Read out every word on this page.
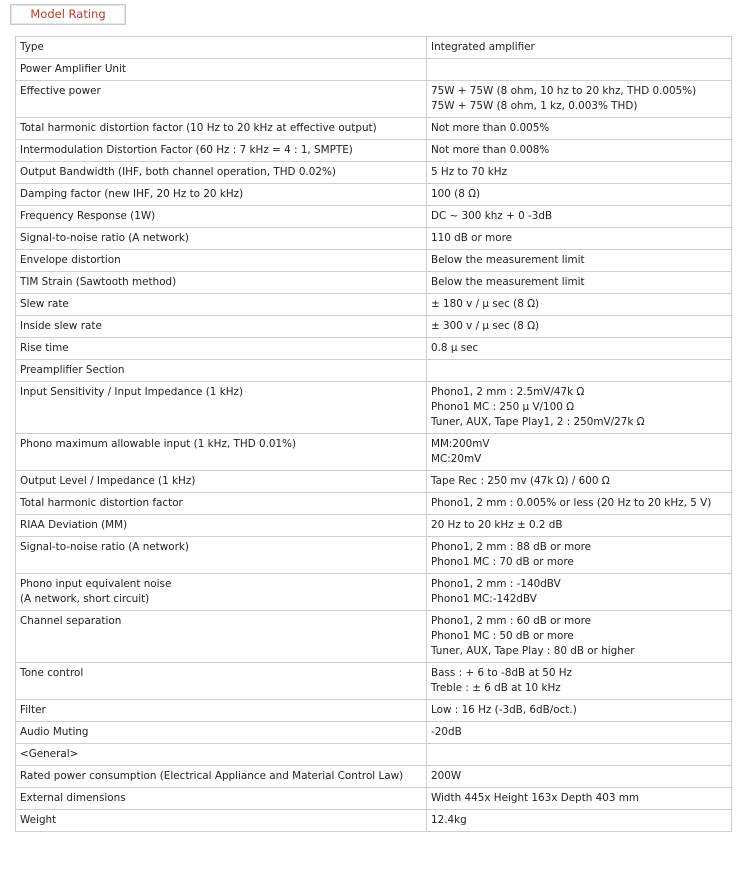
Model Rating
Type	Integrated amplifier
Power Amplifier Unit	
Effective power	75W + 75W (8 ohm, 10 hz to 20 khz, THD 0.005%)
75W + 75W (8 ohm, 1 kz, 0.003% THD)
Total harmonic distortion factor (10 Hz to 20 kHz at effective output)	Not more than 0.005%
Intermodulation Distortion Factor (60 Hz : 7 kHz = 4 : 1, SMPTE)	Not more than 0.008%
Output Bandwidth (IHF, both channel operation, THD 0.02%)	5 Hz to 70 kHz
Damping factor (new IHF, 20 Hz to 20 kHz)	100 (8 Ω)
Frequency Response (1W)	DC ~ 300 khz + 0 -3dB
Signal-to-noise ratio (A network)	110 dB or more
Envelope distortion	Below the measurement limit
TIM Strain (Sawtooth method)	Below the measurement limit
Slew rate	± 180 v / μ sec (8 Ω)
Inside slew rate	± 300 v / μ sec (8 Ω)
Rise time	0.8 μ sec
Preamplifier Section	
Input Sensitivity / Input Impedance (1 kHz)	Phono1, 2 mm : 2.5mV/47k Ω
Phono1 MC : 250 μ V/100 Ω
Tuner, AUX, Tape Play1, 2 : 250mV/27k Ω
Phono maximum allowable input (1 kHz, THD 0.01%)	MM:200mV
MC:20mV
Output Level / Impedance (1 kHz)	Tape Rec : 250 mv (47k Ω) / 600 Ω
Total harmonic distortion factor	Phono1, 2 mm : 0.005% or less (20 Hz to 20 kHz, 5 V)
RIAA Deviation (MM)	20 Hz to 20 kHz ± 0.2 dB
Signal-to-noise ratio (A network)	Phono1, 2 mm : 88 dB or more
Phono1 MC : 70 dB or more
Phono input equivalent noise
(A network, short circuit)	Phono1, 2 mm : -140dBV
Phono1 MC:-142dBV
Channel separation	Phono1, 2 mm : 60 dB or more
Phono1 MC : 50 dB or more
Tuner, AUX, Tape Play : 80 dB or higher
Tone control	Bass : + 6 to -8dB at 50 Hz
Treble : ± 6 dB at 10 kHz
Filter	Low : 16 Hz (-3dB, 6dB/oct.)
Audio Muting	-20dB
<General>	
Rated power consumption (Electrical Appliance and Material Control Law)	200W
External dimensions	Width 445x Height 163x Depth 403 mm
Weight	12.4kg
